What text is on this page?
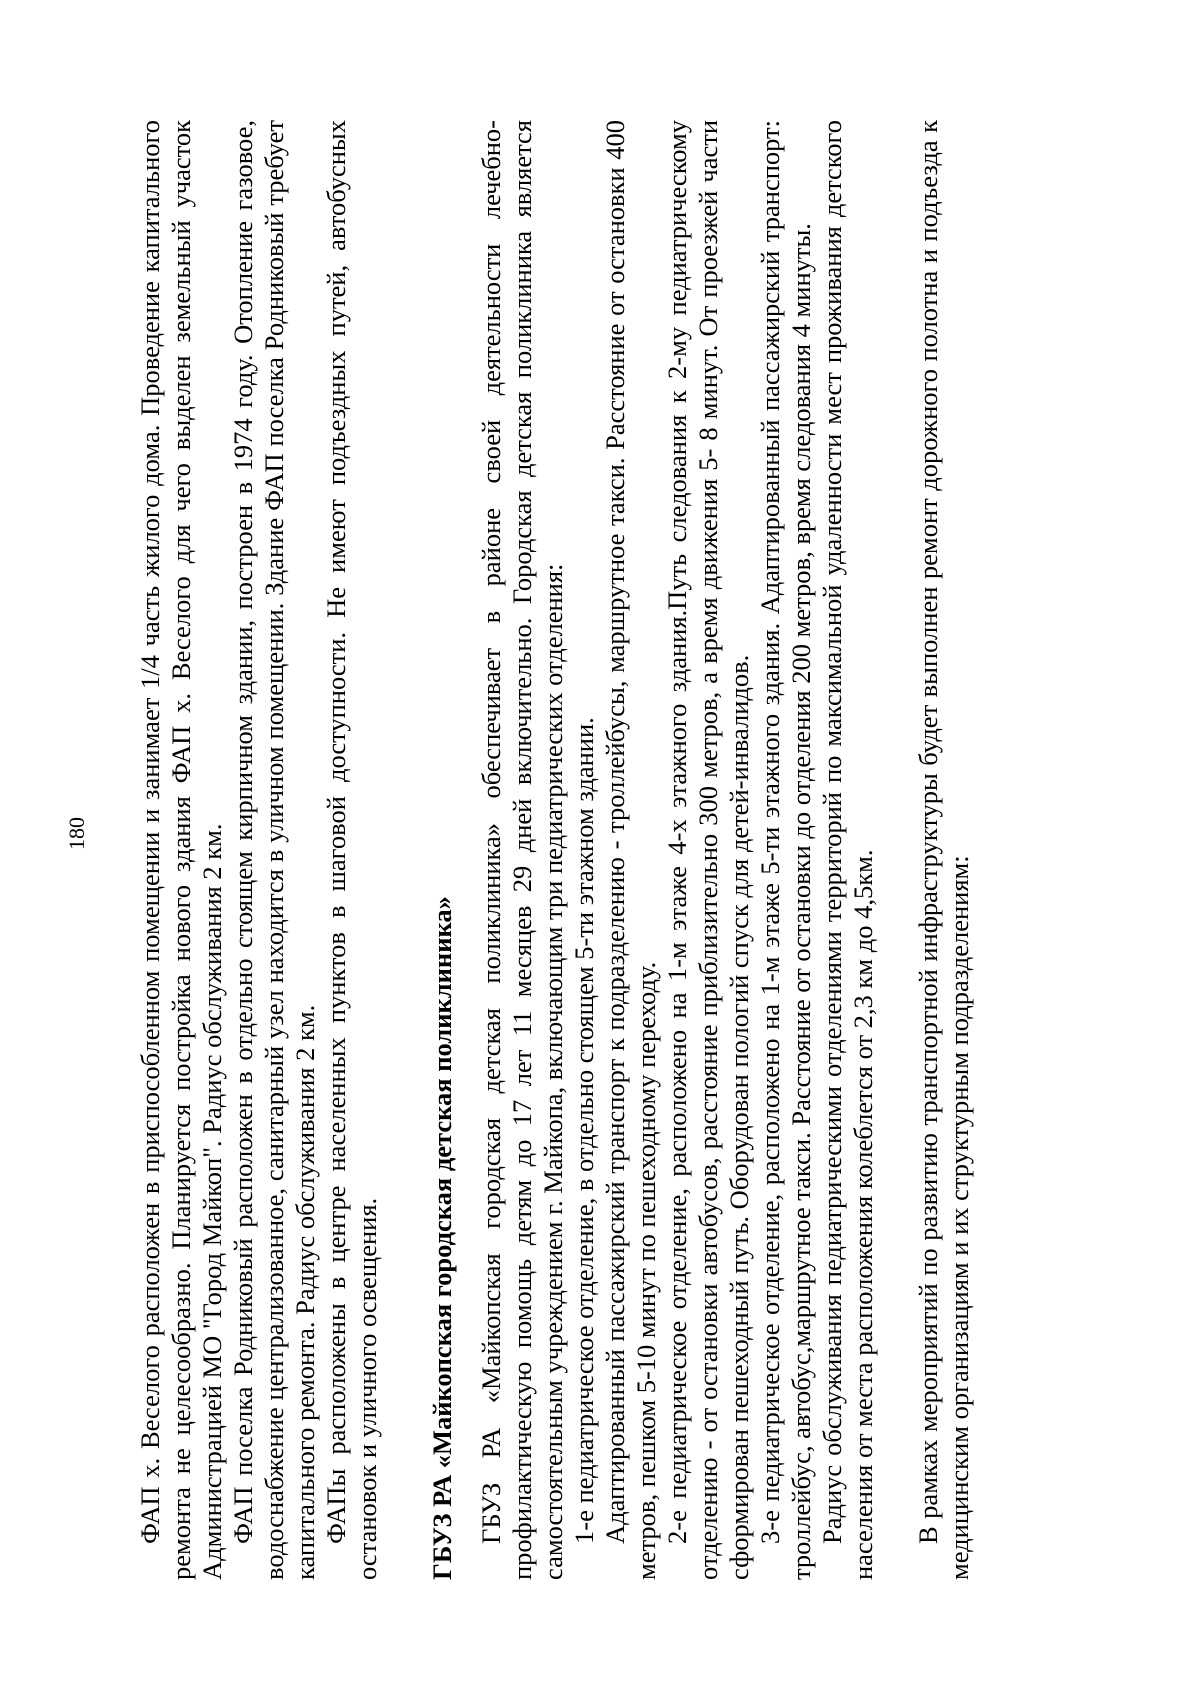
180 ФАП х. Веселого расположен в приспособленном помещении и занимает 1/4 часть жилого дома. Проведение капитального ремонта не целесообразно. Планируется постройка нового здания ФАП х. Веселого для чего выделен земельный участок Администрацией МО "Город Майкоп". Радиус обслуживания 2 км. ФАП поселка Родниковый расположен в отдельно стоящем кирпичном здании, построен в 1974 году. Отопление газовое, водоснабжение централизованное, санитарный узел находится в уличном помещении. Здание ФАП поселка Родниковый требует капитального ремонта. Радиус обслуживания 2 км. ФАПы расположены в центре населенных пунктов в шаговой доступности. Не имеют подъездных путей, автобусных остановок и уличного освещения. ГБУЗ РА «Майкопская городская детская поликлиника» ГБУЗ РА «Майкопская городская детская поликлиника» обеспечивает в районе своей деятельности лечебно-профилактическую помощь детям до 17 лет 11 месяцев 29 дней включительно. Городская детская поликлиника является самостоятельным учреждением г. Майкопа, включающим три педиатрических отделения: 1-е педиатрическое отделение, в отдельно стоящем 5-ти этажном здании. Адаптированный пассажирский транспорт к подразделению - троллейбусы, маршрутное такси. Расстояние от остановки 400 метров, пешком 5-10 минут по пешеходному переходу. 2-е педиатрическое отделение, расположено на 1-м этаже 4-х этажного здания.Путь следования к 2-му педиатрическому отделению - от остановки автобусов, расстояние приблизительно 300 метров, а время движения 5- 8 минут. От проезжей части сформирован пешеходный путь. Оборудован пологий спуск для детей-инвалидов. 3-е педиатрическое отделение, расположено на 1-м этаже 5-ти этажного здания. Адаптированный пассажирский транспорт: троллейбус, автобус,маршрутное такси. Расстояние от остановки до отделения 200 метров, время следования 4 минуты. Радиус обслуживания педиатрическими отделениями территорий по максимальной удаленности мест проживания детского населения от места расположения колеблется от 2,3 км до 4,5км. В рамках мероприятий по развитию транспортной инфраструктуры будет выполнен ремонт дорожного полотна и подъезда к медицинским организациям и их структурным подразделениям:
